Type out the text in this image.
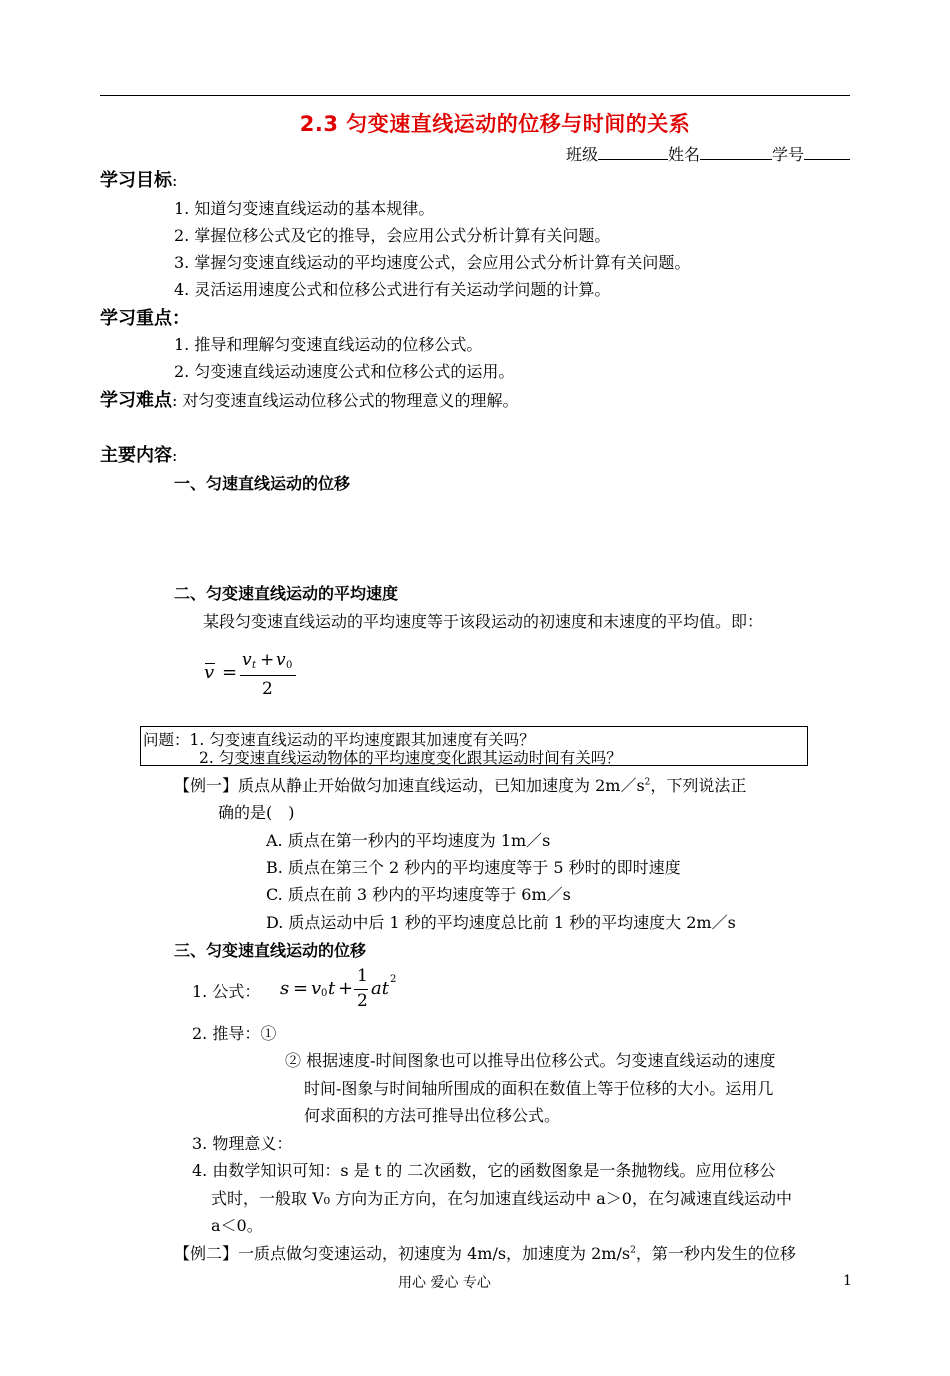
2.3 匀变速直线运动的位移与时间的关系
班级	姓名	学号
学习目标:
1. 知道匀变速直线运动的基本规律。
2. 掌握位移公式及它的推导，会应用公式分析计算有关问题。
3. 掌握匀变速直线运动的平均速度公式，会应用公式分析计算有关问题。
4. 灵活运用速度公式和位移公式进行有关运动学问题的计算。
学习重点：
1. 推导和理解匀变速直线运动的位移公式。
2. 匀变速直线运动速度公式和位移公式的运用。
学习难点: 对匀变速直线运动位移公式的物理意义的理解。
主要内容:
一、匀速直线运动的位移
二、匀变速直线运动的平均速度
某段匀变速直线运动的平均速度等于该段运动的初速度和末速度的平均值。即：
v =
v t + v 0
2
问题：1. 匀变速直线运动的平均速度跟其加速度有关吗？
2. 匀变速直线运动物体的平均速度变化跟其运动时间有关吗？
【例一】质点从静止开始做匀加速直线运动，已知加速度为 $2m/s^2$，下列说法正
确的是(　)
A. 质点在第一秒内的平均速度为 1m／s
B. 质点在第三个 2 秒内的平均速度等于 5 秒时的即时速度
C. 质点在前 3 秒内的平均速度等于 6m／s
D. 质点运动中后 1 秒的平均速度总比前 1 秒的平均速度大 2m／s
三、匀变速直线运动的位移
1. 公式： s = v 0 t +
1
2
at 2
2. 推导：①
② 根据速度-时间图象也可以推导出位移公式。匀变速直线运动的速度
时间-图象与时间轴所围成的面积在数值上等于位移的大小。运用几
何求面积的方法可推导出位移公式。
3. 物理意义：
4. 由数学知识可知：s 是 t 的 二次函数，它的函数图象是一条抛物线。应用位移公
式时，一般取 V₀ 方向为正方向，在匀加速直线运动中 a＞0，在匀减速直线运动中
a＜0。
【例二】一质点做匀变速运动，初速度为 4m/s，加速度为 $2m/s^2$，第一秒内发生的位移
用心 爱心 专心	1
